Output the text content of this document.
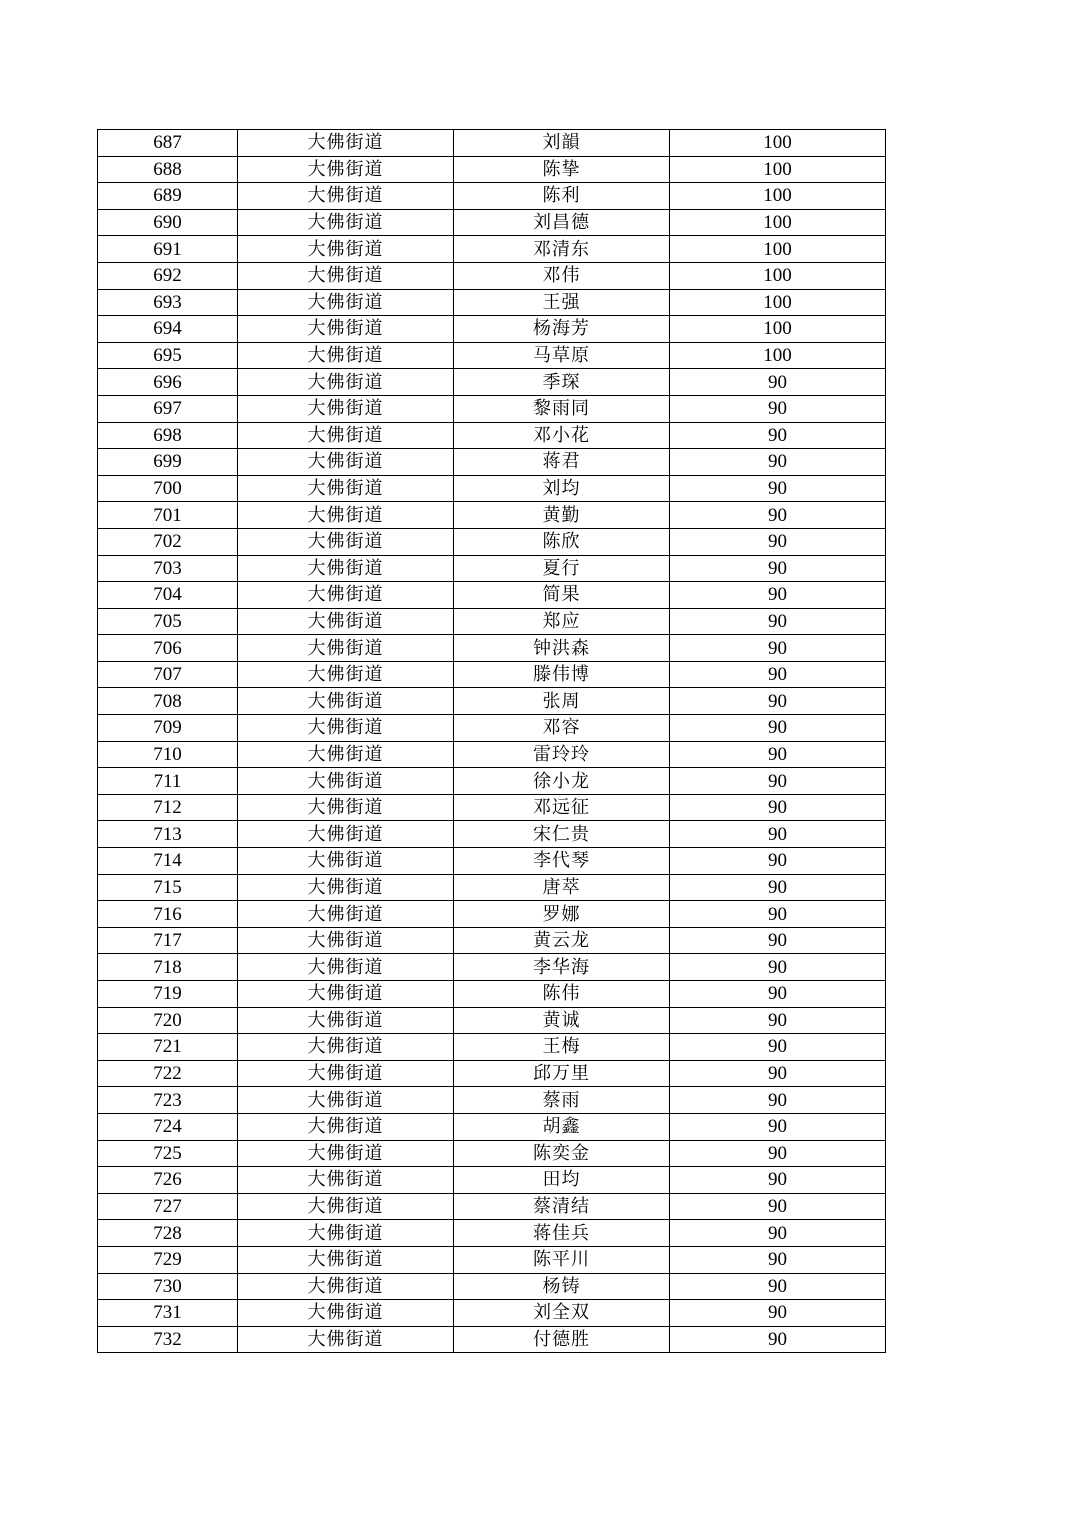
687	大佛街道	刘韻	100
688	大佛街道	陈挚	100
689	大佛街道	陈利	100
690	大佛街道	刘昌德	100
691	大佛街道	邓清东	100
692	大佛街道	邓伟	100
693	大佛街道	王强	100
694	大佛街道	杨海芳	100
695	大佛街道	马草原	100
696	大佛街道	季琛	90
697	大佛街道	黎雨同	90
698	大佛街道	邓小花	90
699	大佛街道	蒋君	90
700	大佛街道	刘均	90
701	大佛街道	黄勤	90
702	大佛街道	陈欣	90
703	大佛街道	夏行	90
704	大佛街道	简果	90
705	大佛街道	郑应	90
706	大佛街道	钟洪森	90
707	大佛街道	滕伟博	90
708	大佛街道	张周	90
709	大佛街道	邓容	90
710	大佛街道	雷玲玲	90
711	大佛街道	徐小龙	90
712	大佛街道	邓远征	90
713	大佛街道	宋仁贵	90
714	大佛街道	李代琴	90
715	大佛街道	唐萃	90
716	大佛街道	罗娜	90
717	大佛街道	黄云龙	90
718	大佛街道	李华海	90
719	大佛街道	陈伟	90
720	大佛街道	黄诚	90
721	大佛街道	王梅	90
722	大佛街道	邱万里	90
723	大佛街道	蔡雨	90
724	大佛街道	胡鑫	90
725	大佛街道	陈奕金	90
726	大佛街道	田均	90
727	大佛街道	蔡清结	90
728	大佛街道	蒋佳兵	90
729	大佛街道	陈平川	90
730	大佛街道	杨铸	90
731	大佛街道	刘全双	90
732	大佛街道	付德胜	90
